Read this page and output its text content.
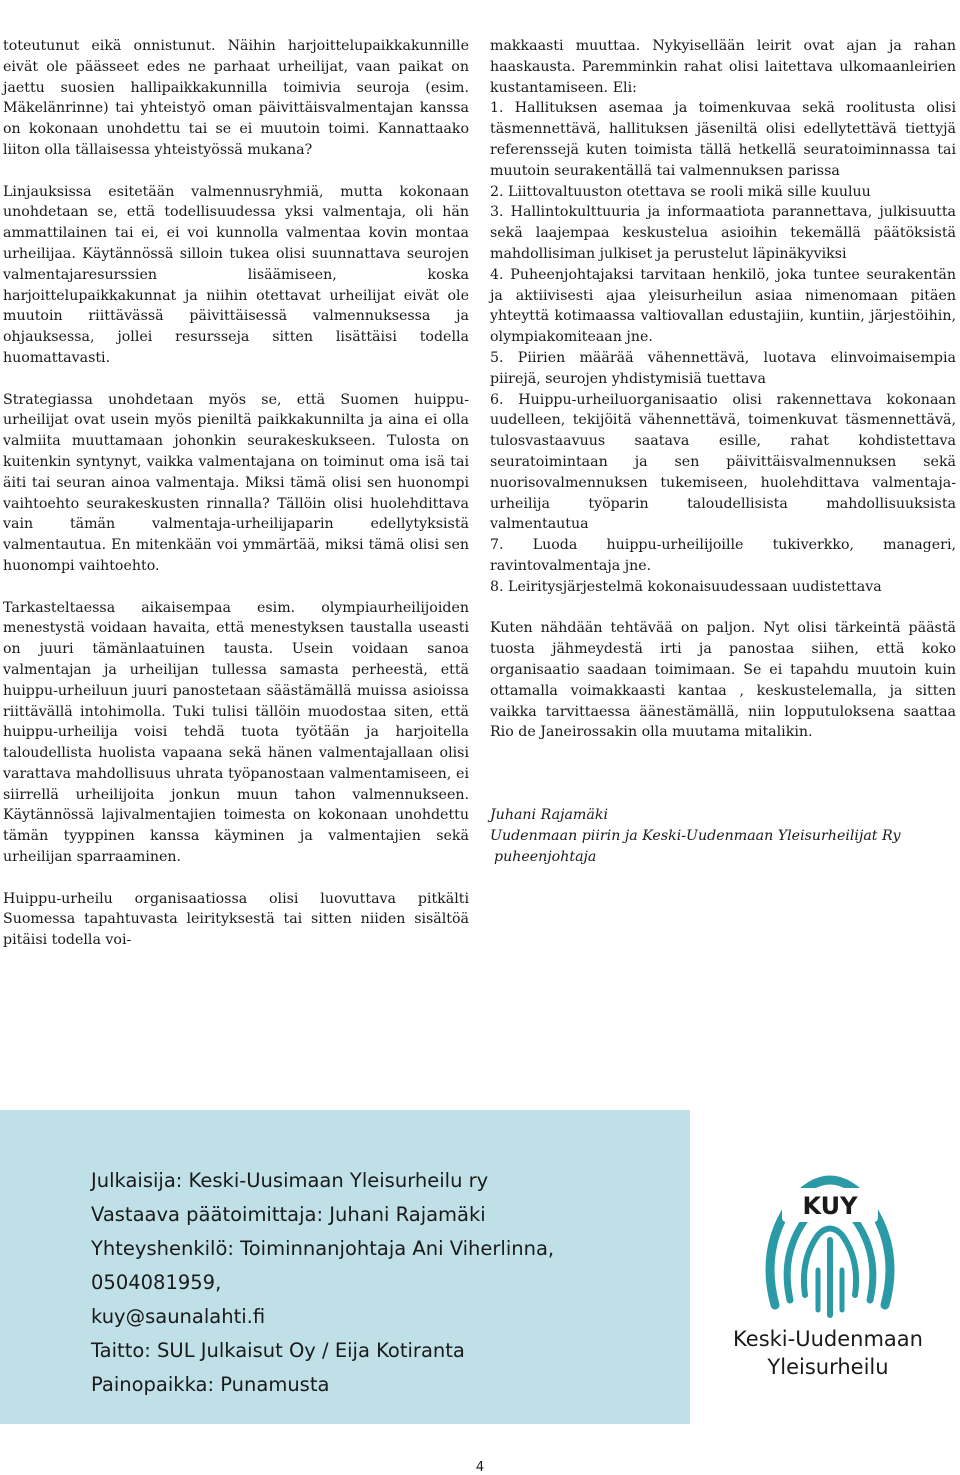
toteutunut eikä onnistunut. Näihin harjoittelupaikkakunnille eivät ole päässeet edes ne parhaat urheilijat, vaan paikat on jaettu suosien hallipaikkakunnilla toimivia seuroja (esim. Mäkelänrinne) tai yhteistyö oman päivittäisvalmentajan kanssa on kokonaan unohdettu tai se ei muutoin toimi. Kannattaako liiton olla tällaisessa yhteistyössä mukana?

Linjauksissa esitetään valmennusryhmiä, mutta kokonaan unohdetaan se, että todellisuudessa yksi valmentaja, oli hän ammattilainen tai ei, ei voi kunnolla valmentaa kovin montaa urheilijaa. Käytännössä silloin tukea olisi suunnattava seurojen valmentajaresurssien lisäämiseen, koska harjoittelupaikkakunnat ja niihin otettavat urheilijat eivät ole muutoin riittävässä päivittäisessä valmennuksessa ja ohjauksessa, jollei resursseja sitten lisättäisi todella huomattavasti.

Strategiassa unohdetaan myös se, että Suomen huippu-urheilijat ovat usein myös pieniltä paikkakunnilta ja aina ei olla valmiita muuttamaan johonkin seurakeskukseen. Tulosta on kuitenkin syntynyt, vaikka valmentajana on toiminut oma isä tai äiti tai seuran ainoa valmentaja. Miksi tämä olisi sen huonompi vaihtoehto seurakeskusten rinnalla? Tällöin olisi huolehdittava vain tämän valmentaja-urheilijaparin edellytyksistä valmentautua. En mitenkään voi ymmärtää, miksi tämä olisi sen huonompi vaihtoehto.

Tarkasteltaessa aikaisempaa esim. olympiaurheilijoiden menestystä voidaan havaita, että menestyksen taustalla useasti on juuri tämänlaatuinen tausta. Usein voidaan sanoa valmentajan ja urheilijan tullessa samasta perheestä, että huippu-urheiluun juuri panostetaan säästämällä muissa asioissa riittävällä intohimolla. Tuki tulisi tällöin muodostaa siten, että huippu-urheilija voisi tehdä tuota työtään ja harjoitella taloudellista huolista vapaana sekä hänen valmentajallaan olisi varattava mahdollisuus uhrata työpanostaan valmentamiseen, ei siirrellä urheilijoita jonkun muun tahon valmennukseen. Käytännössä lajivalmentajien toimesta on kokonaan unohdettu tämän tyyppinen kanssa käyminen ja valmentajien sekä urheilijan sparraaminen.

Huippu-urheilu organisaatiossa olisi luovuttava pitkälti Suomessa tapahtuvasta leirityksestä tai sitten niiden sisältöä pitäisi todella voi-

makkaasti muuttaa. Nykyisellään leirit ovat ajan ja rahan haaskausta. Paremminkin rahat olisi laitettava ulkomaanleirien kustantamiseen. Eli:

1. Hallituksen asemaa ja toimenkuvaa sekä roolitusta olisi täsmennettävä, hallituksen jäseniltä olisi edellytettävä tiettyjä referenssejä kuten toimista tällä hetkellä seuratoiminnassa tai muutoin seurakentällä tai valmennuksen parissa

2. Liittovaltuuston otettava se rooli mikä sille kuuluu

3. Hallintokulttuuria ja informaatiota parannettava, julkisuutta sekä laajempaa keskustelua asioihin tekemällä päätöksistä mahdollisiman julkiset ja perustelut läpinäkyviksi

4. Puheenjohtajaksi tarvitaan henkilö, joka tuntee seurakentän ja aktiivisesti ajaa yleisurheilun asiaa nimenomaan pitäen yhteyttä kotimaassa valtiovallan edustajiin, kuntiin, järjestöihin, olympiakomiteaan jne.

5. Piirien määrää vähennettävä, luotava elinvoimaisempia piirejä, seurojen yhdistymisiä tuettava

6. Huippu-urheiluorganisaatio olisi rakennettava kokonaan uudelleen, tekijöitä vähennettävä, toimenkuvat täsmennettävä, tulosvastaavuus saatava esille, rahat kohdistettava seuratoimintaan ja sen päivittäisvalmennuksen sekä nuorisovalmennuksen tukemiseen, huolehdittava valmentaja-urheilija työparin taloudellisista mahdollisuuksista valmentautua

7. Luoda huippu-urheilijoille tukiverkko, manageri, ravintovalmentaja jne.

8. Leiritysjärjestelmä kokonaisuudessaan uudistettava

Kuten nähdään tehtävää on paljon. Nyt olisi tärkeintä päästä tuosta jähmeydestä irti ja panostaa siihen, että koko organisaatio saadaan toimimaan. Se ei tapahdu muutoin kuin ottamalla voimakkaasti kantaa , keskustelemalla, ja sitten vaikka tarvittaessa äänestämällä, niin lopputuloksena saattaa Rio de Janeirossakin olla muutama mitalikin.

Juhani Rajamäki
Uudenmaan piirin ja Keski-Uudenmaan Yleisurheilijat Ry
puheenjohtaja
Julkaisija: Keski-Uusimaan Yleisurheilu ry
Vastaava päätoimittaja: Juhani Rajamäki
Yhteyshenkilö: Toiminnanjohtaja Ani Viherlinna,
0504081959,
kuy@saunalahti.fi
Taitto: SUL Julkaisut Oy / Eija Kotiranta
Painopaikka: Punamusta
KUY
Keski-Uudenmaan
Yleisurheilu
4
